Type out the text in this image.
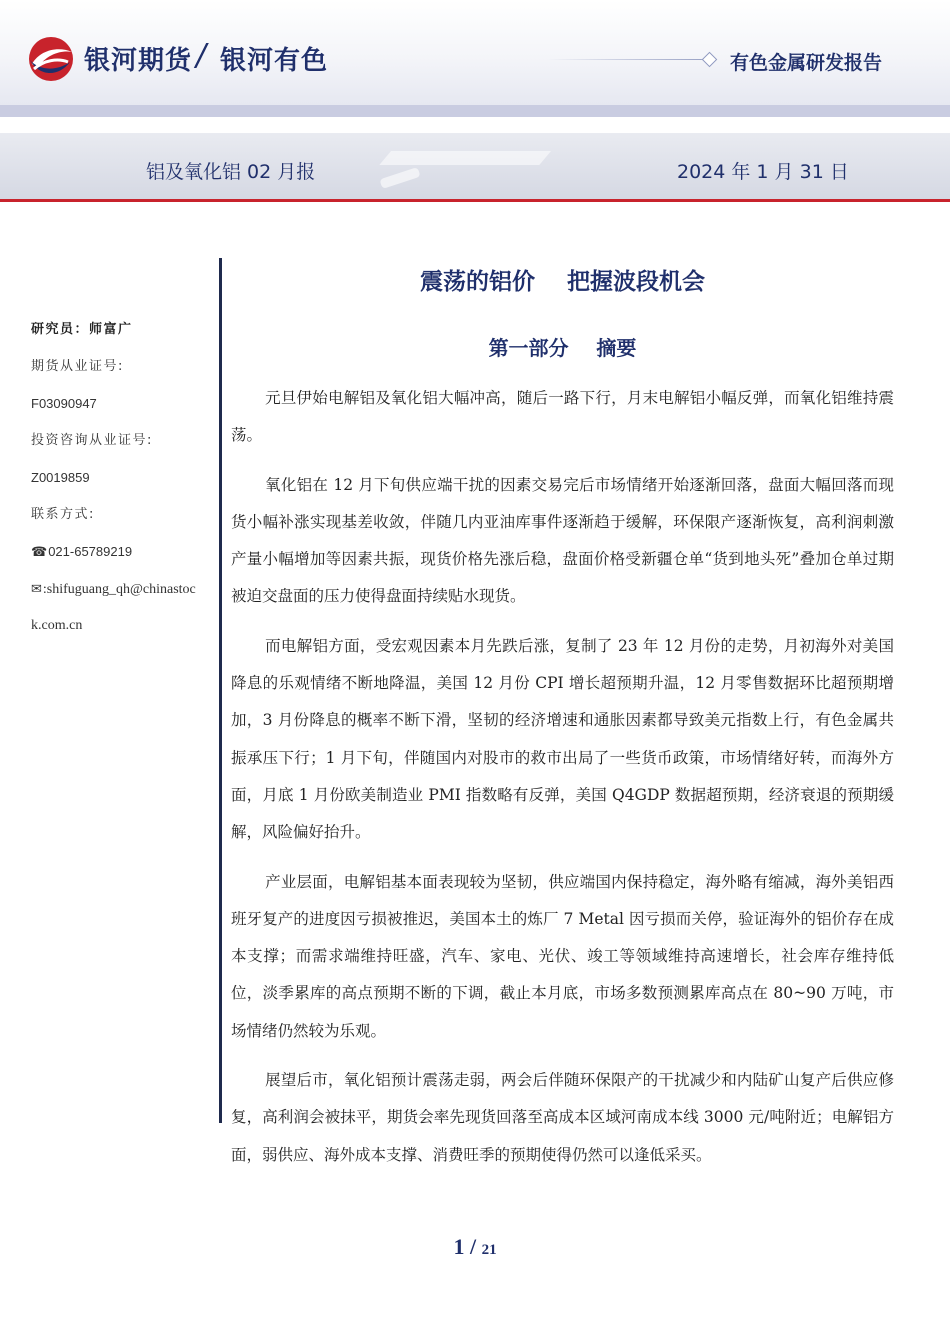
银河期货 / 银河有色	有色金属研发报告
铝及氧化铝 02 月报	2024 年 1 月 31 日
研究员：师富广
期货从业证号:
F03090947
投资咨询从业证号:
Z0019859
联系方式:
☎021-65789219
✉:shifuguang_qh@chinastoc
k.com.cn
震荡的铝价    把握波段机会
第一部分    摘要

元旦伊始电解铝及氧化铝大幅冲高，随后一路下行，月末电解铝小幅反弹，而氧化铝维持震荡。

氧化铝在 12 月下旬供应端干扰的因素交易完后市场情绪开始逐渐回落，盘面大幅回落而现货小幅补涨实现基差收敛，伴随几内亚油库事件逐渐趋于缓解，环保限产逐渐恢复，高利润刺激产量小幅增加等因素共振，现货价格先涨后稳，盘面价格受新疆仓单“货到地头死”叠加仓单过期被迫交盘面的压力使得盘面持续贴水现货。

而电解铝方面，受宏观因素本月先跌后涨，复制了 23 年 12 月份的走势，月初海外对美国降息的乐观情绪不断地降温，美国 12 月份 CPI 增长超预期升温，12 月零售数据环比超预期增加，3 月份降息的概率不断下滑，坚韧的经济增速和通胀因素都导致美元指数上行，有色金属共振承压下行；1 月下旬，伴随国内对股市的救市出局了一些货币政策，市场情绪好转，而海外方面，月底 1 月份欧美制造业 PMI 指数略有反弹，美国 Q4GDP 数据超预期，经济衰退的预期缓解，风险偏好抬升。

产业层面，电解铝基本面表现较为坚韧，供应端国内保持稳定，海外略有缩减，海外美铝西班牙复产的进度因亏损被推迟，美国本土的炼厂 7 Metal 因亏损而关停，验证海外的铝价存在成本支撑；而需求端维持旺盛，汽车、家电、光伏、竣工等领域维持高速增长，社会库存维持低位，淡季累库的高点预期不断的下调，截止本月底，市场多数预测累库高点在 80~90 万吨，市场情绪仍然较为乐观。

展望后市，氧化铝预计震荡走弱，两会后伴随环保限产的干扰减少和内陆矿山复产后供应修复，高利润会被抹平，期货会率先现货回落至高成本区域河南成本线 3000 元/吨附近；电解铝方面，弱供应、海外成本支撑、消费旺季的预期使得仍然可以逢低采买。

1 / 21
